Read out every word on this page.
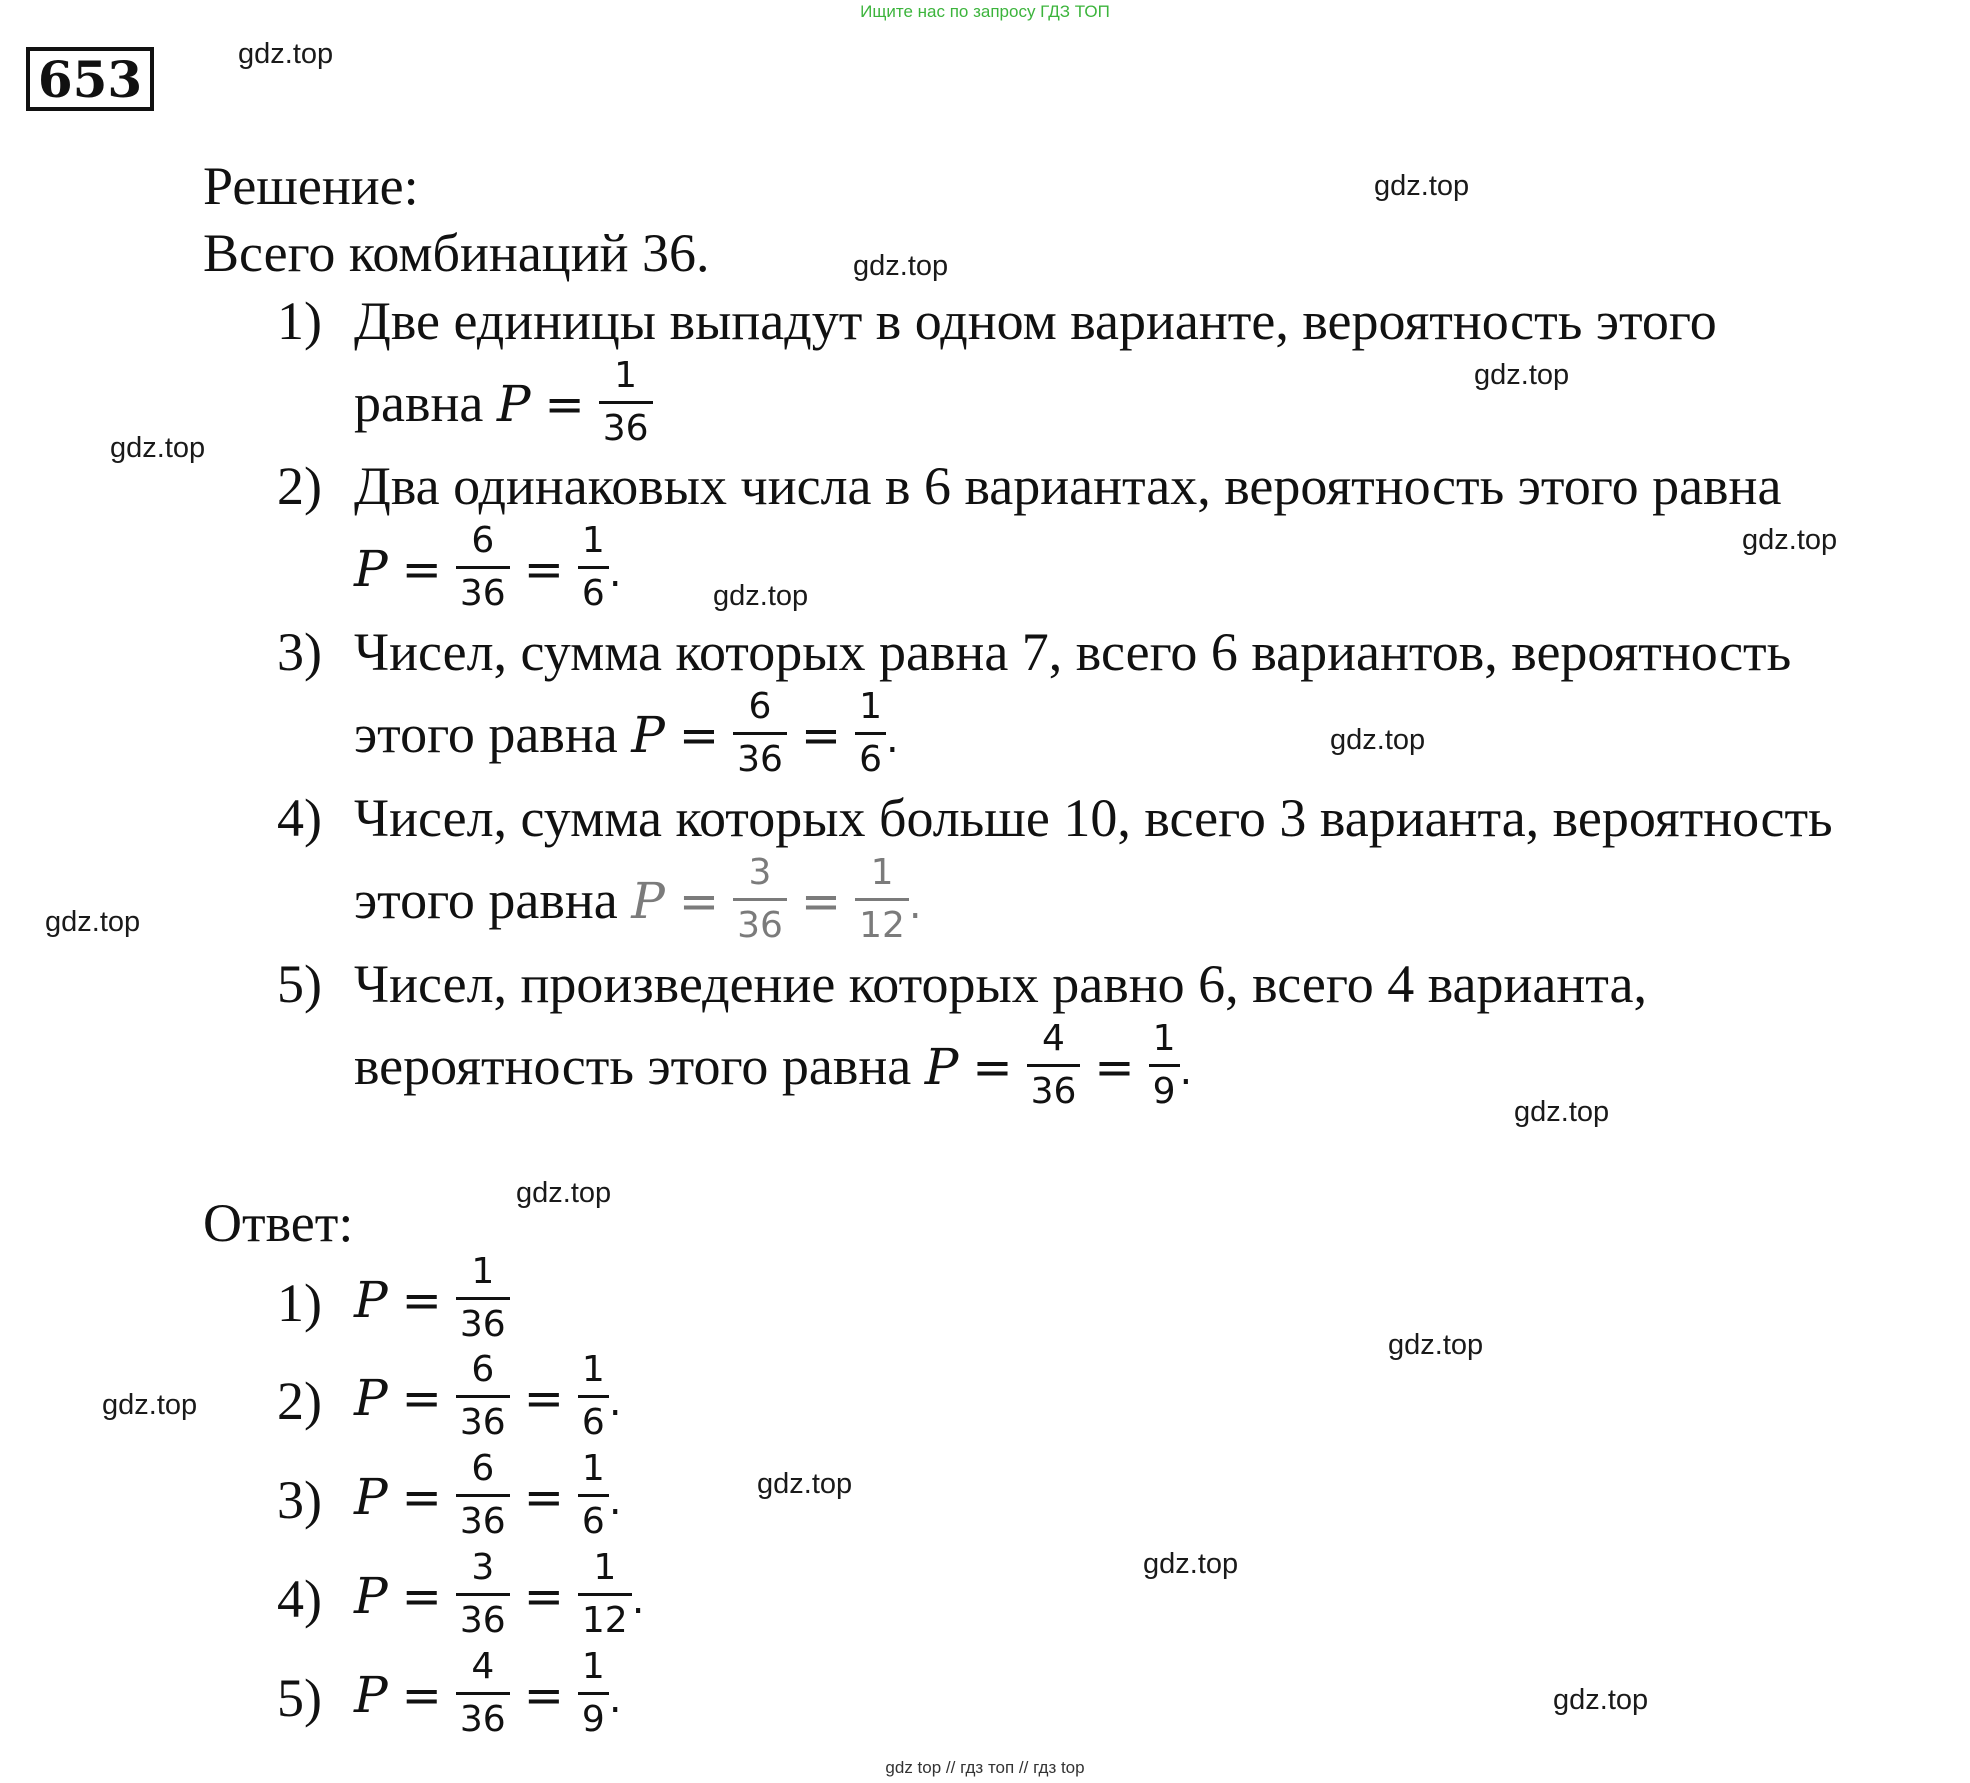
Ищите нас по запросу ГДЗ ТОП
653	gdz.top
gdz.top
gdz.top
gdz.top
gdz.top
gdz.top
gdz.top
gdz.top
gdz.top
gdz.top
gdz.top
gdz.top
gdz.top
gdz.top
gdz.top
gdz.top
Решение:
Всего комбинаций 36.
1) Две единицы выпадут в одном варианте, вероятность этого
равна $P = \frac{1}{36}$
2) Два одинаковых числа в 6 вариантах, вероятность этого равна
$P = \frac{6}{36} = \frac{1}{6}$ .
3) Чисел, сумма которых равна 7, всего 6 вариантов, вероятность
этого равна $P = \frac{6}{36} = \frac{1}{6}$ .
4) Чисел, сумма которых больше 10, всего 3 варианта, вероятность
этого равна $P = \frac{3}{36} = \frac{1}{12}$ .
5) Чисел, произведение которых равно 6, всего 4 варианта,
вероятность этого равна $P = \frac{4}{36} = \frac{1}{9}$ .
Ответ:
1) $P = \frac{1}{36}$
2) $P = \frac{6}{36} = \frac{1}{6}$ .
3) $P = \frac{6}{36} = \frac{1}{6}$ .
4) $P = \frac{3}{36} = \frac{1}{12}$ .
5) $P = \frac{4}{36} = \frac{1}{9}$ .
gdz top // гдз топ // гдз top
